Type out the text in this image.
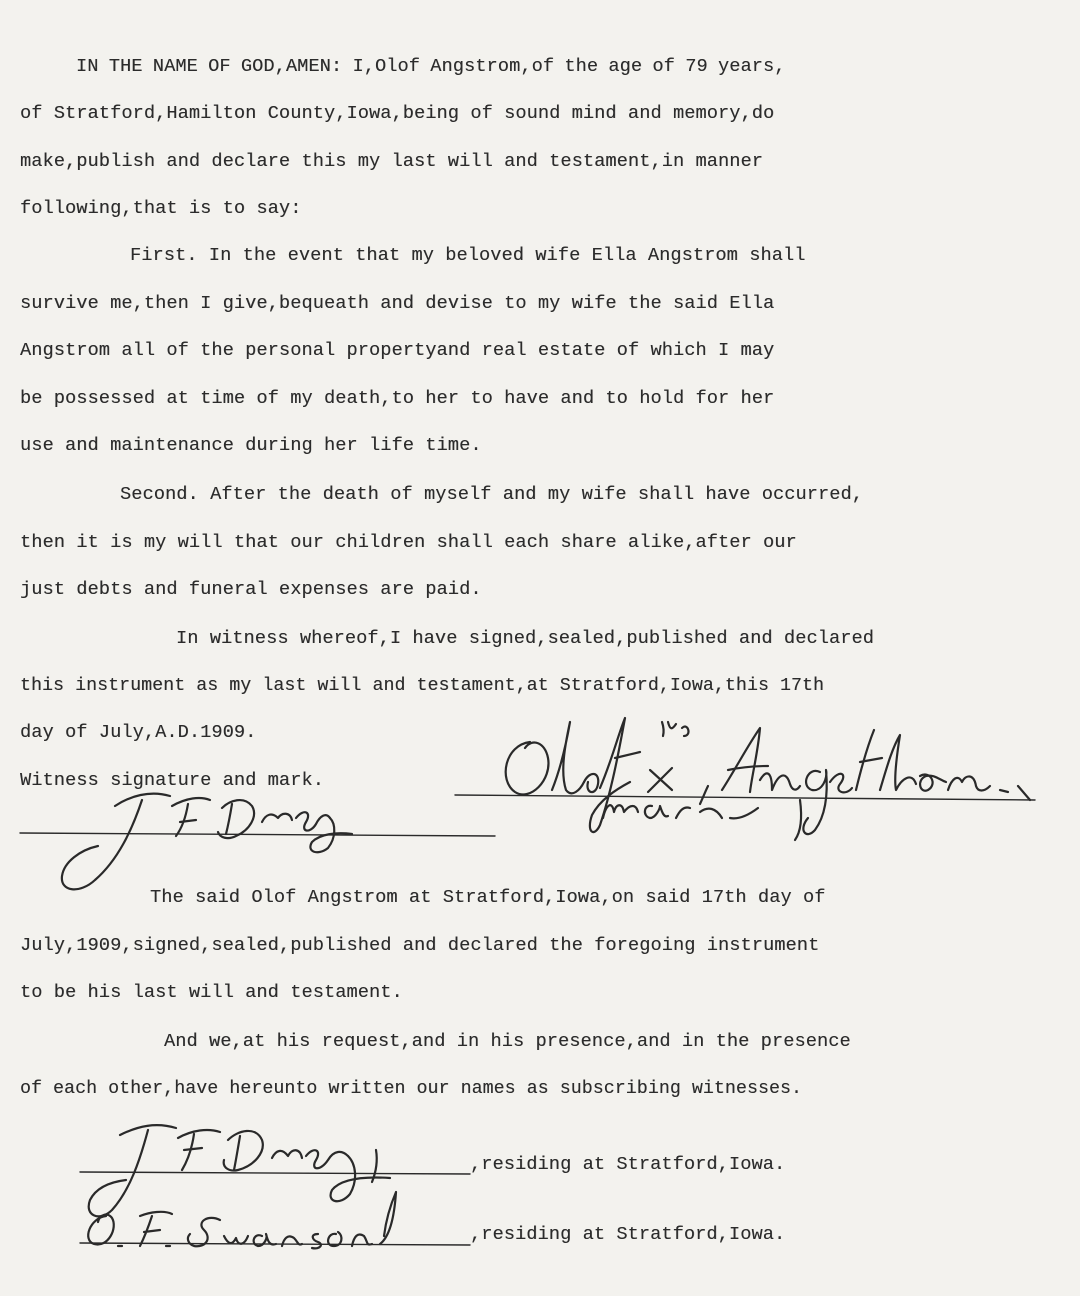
IN THE NAME OF GOD,AMEN: I,Olof Angstrom,of the age of 79 years,
of Stratford,Hamilton County,Iowa,being of sound mind and memory,do
make,publish and declare this my last will and testament,in manner
following,that is to say:
First. In the event that my beloved wife Ella Angstrom shall
survive me,then I give,bequeath and devise to my wife the said Ella
Angstrom all of the personal propertyand real estate of which I may
be possessed at time of my death,to her to have and to hold for her
use and maintenance during her life time.
Second. After the death of myself and my wife shall have occurred,
then it is my will that our children shall each share alike,after our
just debts and funeral expenses are paid.
In witness whereof,I have signed,sealed,published and declared
this instrument as my last will and testament,at Stratford,Iowa,this 17th
day of July,A.D.1909.
Witness signature and mark.
The said Olof Angstrom at Stratford,Iowa,on said 17th day of
July,1909,signed,sealed,published and declared the foregoing instrument
to be his last will and testament.
And we,at his request,and in his presence,and in the presence
of each other,have hereunto written our names as subscribing witnesses.
,residing at Stratford,Iowa.
,residing at Stratford,Iowa.
